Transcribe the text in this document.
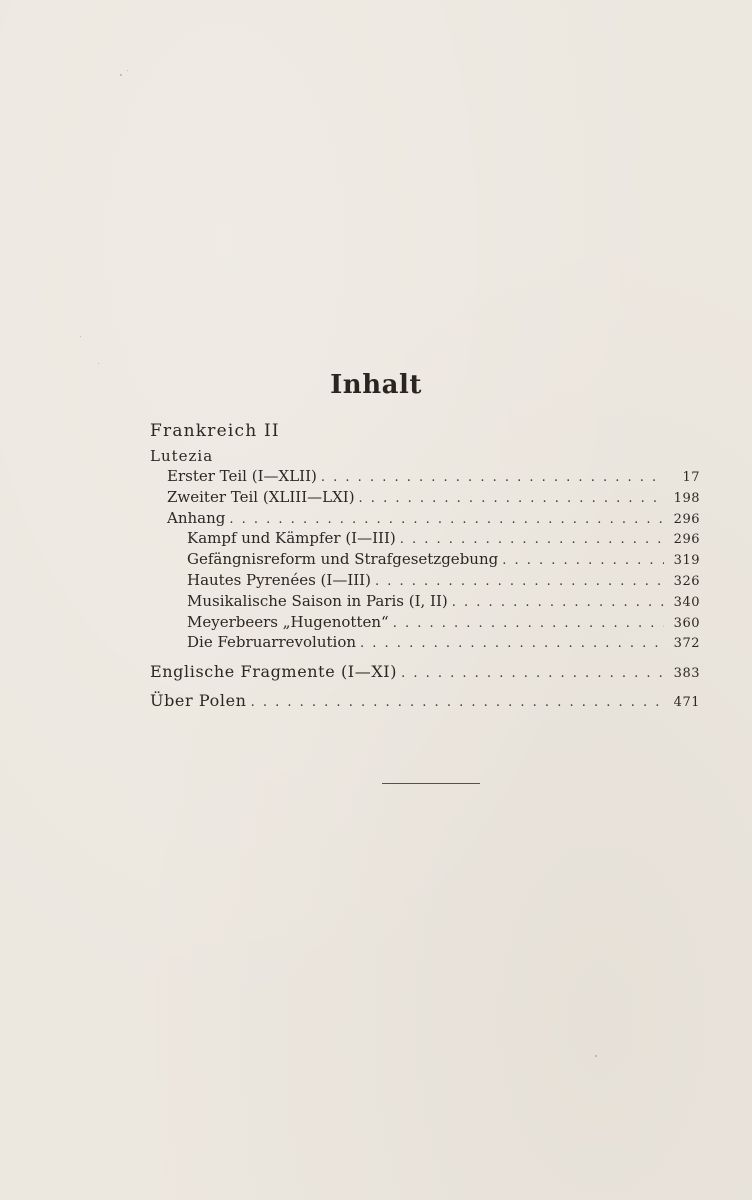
Inhalt
Frankreich II
Lutezia
Erster Teil (I—XLII) . . .	17
Zweiter Teil (XLIII—LXI) . . .	198
Anhang . . .	296
Kampf und Kämpfer (I—III) . . .	296
Gefängnisreform und Strafgesetzgebung . . .	319
Hautes Pyrenées (I—III) . . .	326
Musikalische Saison in Paris (I, II) . . .	340
Meyerbeers „Hugenotten“ . . .	360
Die Februarrevolution . . .	372
Englische Fragmente (I—XI) . . .	383
Über Polen . . .	471
